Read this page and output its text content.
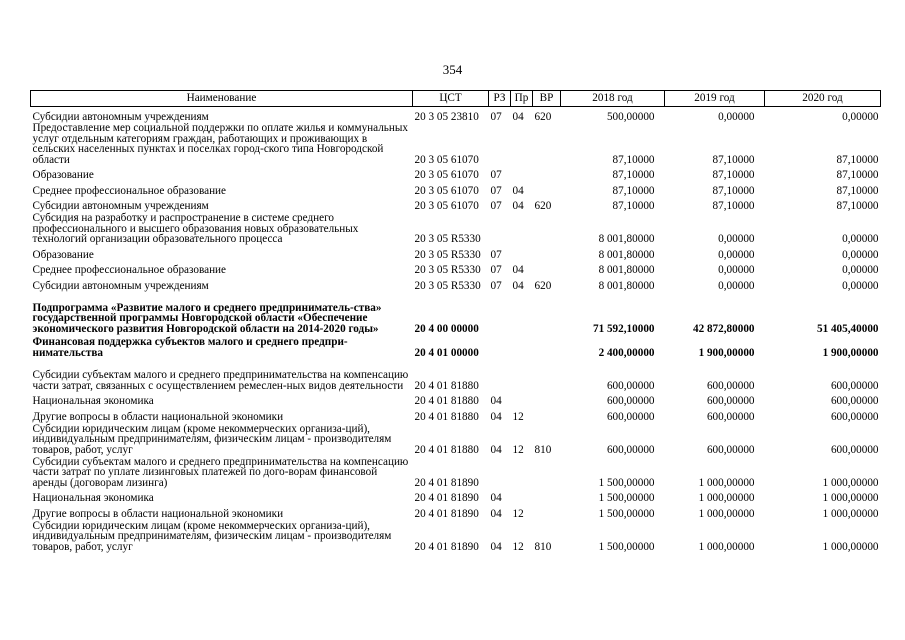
354
Наименование	ЦСТ	РЗ	Пр	ВР	2018 год	2019 год	2020 год
Субсидии автономным учреждениям	20 3 05 23810	07	04	620	500,00000	0,00000	0,00000
Предоставление мер социальной поддержки по оплате жилья и коммунальных услуг отдельным категориям граждан, работающих и проживающих в сельских населенных пунктах и поселках город-ского типа Новгородской области	20 3 05 61070				87,10000	87,10000	87,10000
Образование	20 3 05 61070	07			87,10000	87,10000	87,10000
Среднее профессиональное образование	20 3 05 61070	07	04		87,10000	87,10000	87,10000
Субсидии автономным учреждениям	20 3 05 61070	07	04	620	87,10000	87,10000	87,10000
Субсидия на разработку и распространение в системе среднего профессионального и высшего образования новых образовательных технологий организации образовательного процесса	20 3 05 R5330				8 001,80000	0,00000	0,00000
Образование	20 3 05 R5330	07			8 001,80000	0,00000	0,00000
Среднее профессиональное образование	20 3 05 R5330	07	04		8 001,80000	0,00000	0,00000
Субсидии автономным учреждениям	20 3 05 R5330	07	04	620	8 001,80000	0,00000	0,00000
Подпрограмма «Развитие малого и среднего предприниматель-ства» государственной программы Новгородской области «Обеспечение экономического развития Новгородской области на 2014-2020 годы»	20 4 00 00000				71 592,10000	42 872,80000	51 405,40000
Финансовая поддержка субъектов малого и среднего предпри-нимательства	20 4 01 00000				2 400,00000	1 900,00000	1 900,00000
Субсидии субъектам малого и среднего предпринимательства на компенсацию части затрат, связанных с осуществлением ремеслен-ных видов деятельности	20 4 01 81880				600,00000	600,00000	600,00000
Национальная экономика	20 4 01 81880	04			600,00000	600,00000	600,00000
Другие вопросы в области национальной экономики	20 4 01 81880	04	12		600,00000	600,00000	600,00000
Субсидии юридическим лицам (кроме некоммерческих организа-ций), индивидуальным предпринимателям, физическим лицам - производителям товаров, работ, услуг	20 4 01 81880	04	12	810	600,00000	600,00000	600,00000
Субсидии субъектам малого и среднего предпринимательства на компенсацию части затрат по уплате лизинговых платежей по дого-ворам финансовой аренды (договорам лизинга)	20 4 01 81890				1 500,00000	1 000,00000	1 000,00000
Национальная экономика	20 4 01 81890	04			1 500,00000	1 000,00000	1 000,00000
Другие вопросы в области национальной экономики	20 4 01 81890	04	12		1 500,00000	1 000,00000	1 000,00000
Субсидии юридическим лицам (кроме некоммерческих организа-ций), индивидуальным предпринимателям, физическим лицам - производителям товаров, работ, услуг	20 4 01 81890	04	12	810	1 500,00000	1 000,00000	1 000,00000
